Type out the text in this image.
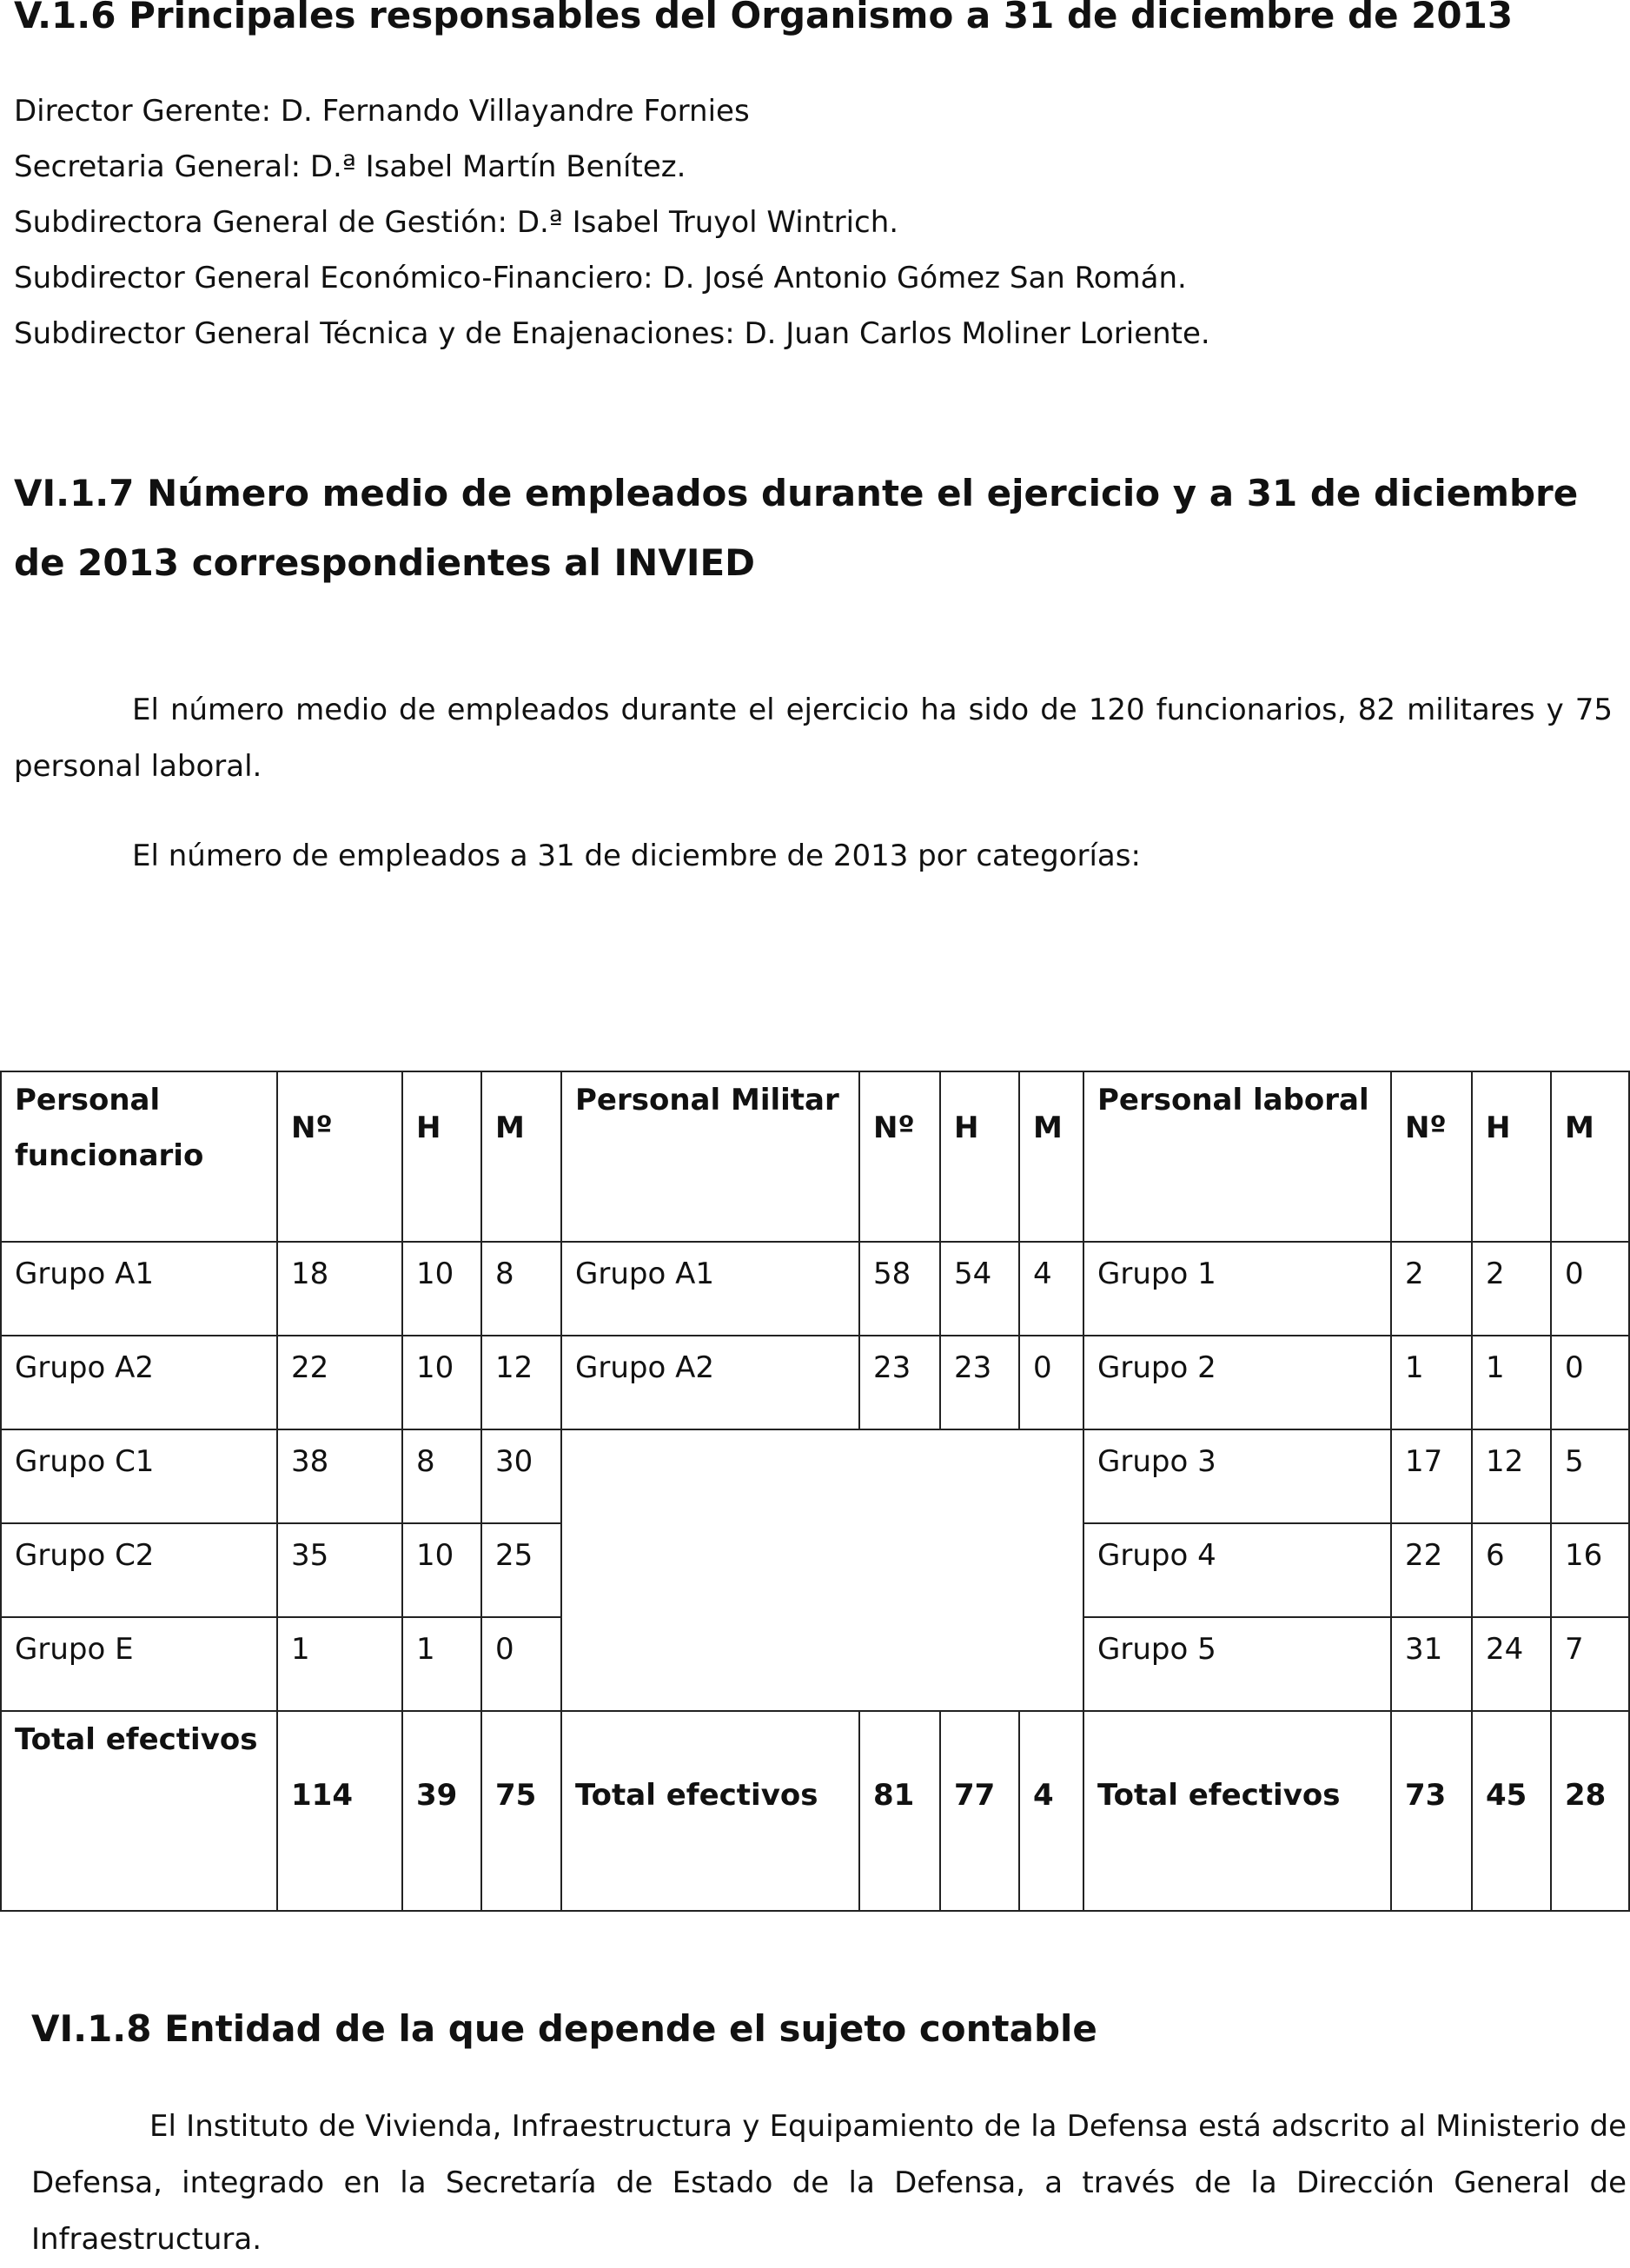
V.1.6 Principales responsables del Organismo a 31 de diciembre de 2013
Director Gerente: D. Fernando Villayandre Fornies
Secretaria General: D.ª Isabel Martín Benítez.
Subdirectora General de Gestión: D.ª Isabel Truyol Wintrich.
Subdirector General Económico-Financiero: D. José Antonio Gómez San Román.
Subdirector General Técnica y de Enajenaciones: D. Juan Carlos Moliner Loriente.
VI.1.7 Número medio de empleados durante el ejercicio y a 31 de diciembre de 2013 correspondientes al INVIED

El número medio de empleados durante el ejercicio ha sido de 120 funcionarios, 82 militares y 75 personal laboral.

El número de empleados a 31 de diciembre de 2013 por categorías:

Personal funcionario	Nº	H	M	Personal Militar	Nº	H	M	Personal laboral	Nº	H	M
Grupo A1	18	10	8	Grupo A1	58	54	4	Grupo 1	2	2	0
Grupo A2	22	10	12	Grupo A2	23	23	0	Grupo 2	1	1	0
Grupo C1	38	8	30					Grupo 3	17	12	5
Grupo C2	35	10	25					Grupo 4	22	6	16
Grupo E	1	1	0					Grupo 5	31	24	7
Total efectivos	114	39	75	Total efectivos	81	77	4	Total efectivos	73	45	28
VI.1.8 Entidad de la que depende el sujeto contable

El Instituto de Vivienda, Infraestructura y Equipamiento de la Defensa está adscrito al Ministerio de Defensa, integrado en la Secretaría de Estado de la Defensa, a través de la Dirección General de Infraestructura.
